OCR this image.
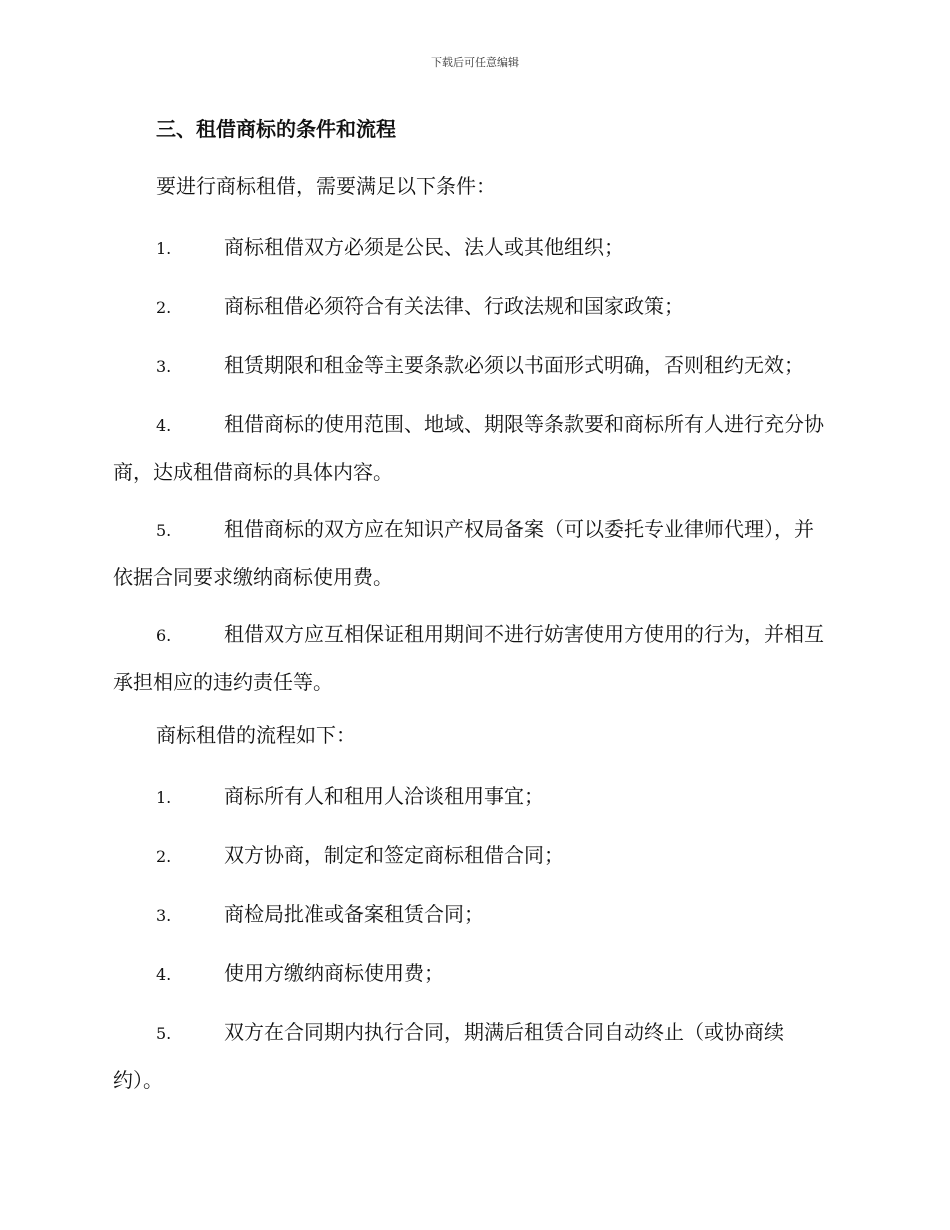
下载后可任意编辑
三、租借商标的条件和流程
要进行商标租借，需要满足以下条件：
1.	商标租借双方必须是公民、法人或其他组织；
2.	商标租借必须符合有关法律、行政法规和国家政策；
3.	租赁期限和租金等主要条款必须以书面形式明确，否则租约无效；
4.	租借商标的使用范围、地域、期限等条款要和商标所有人进行充分协商，达成租借商标的具体内容。
5.	租借商标的双方应在知识产权局备案（可以委托专业律师代理），并依据合同要求缴纳商标使用费。
6.	租借双方应互相保证租用期间不进行妨害使用方使用的行为，并相互承担相应的违约责任等。
商标租借的流程如下：
1.	商标所有人和租用人洽谈租用事宜；
2.	双方协商，制定和签定商标租借合同；
3.	商检局批准或备案租赁合同；
4.	使用方缴纳商标使用费；
5.	双方在合同期内执行合同，期满后租赁合同自动终止（或协商续约）。
